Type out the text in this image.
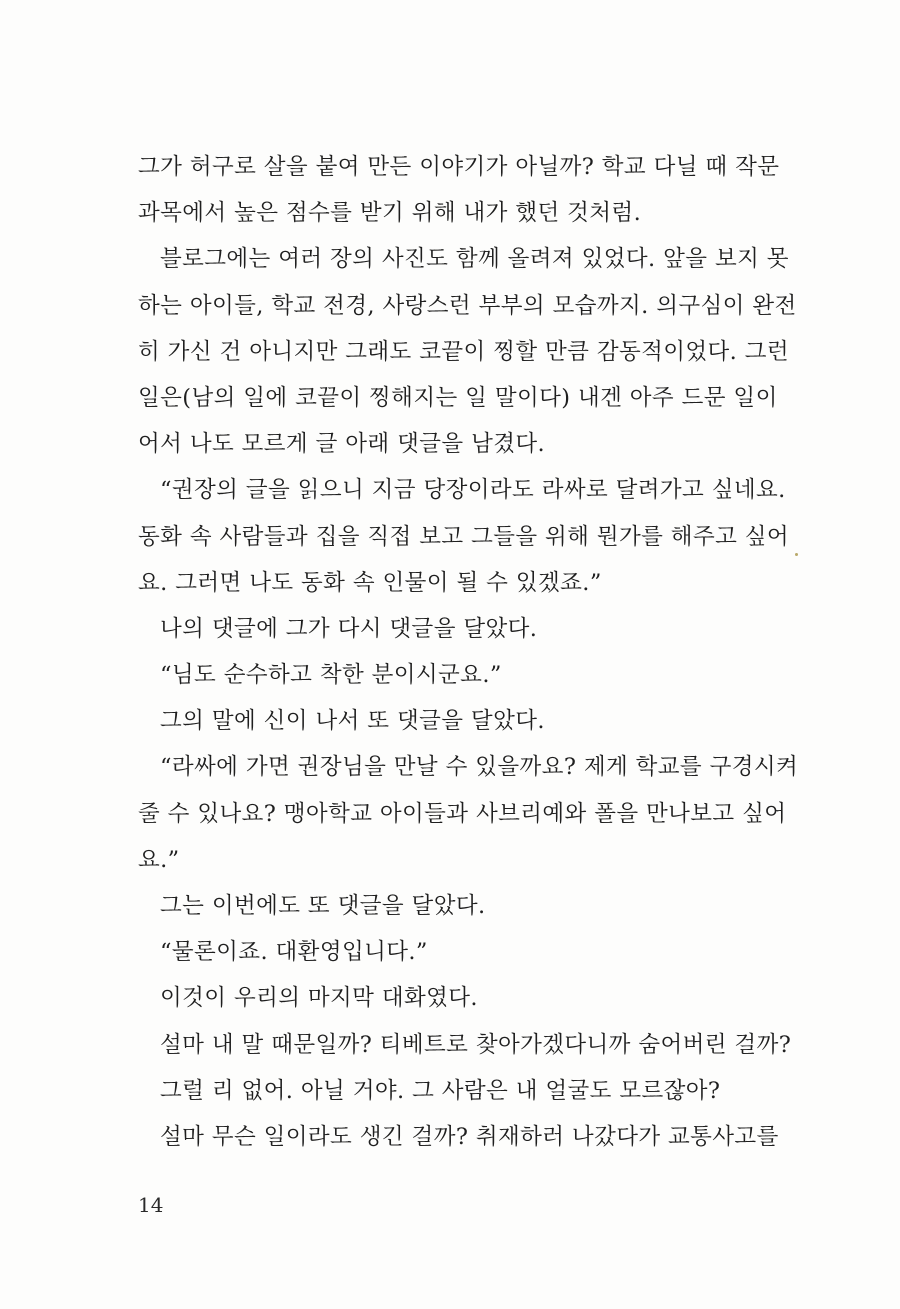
그가 허구로 살을 붙여 만든 이야기가 아닐까? 학교 다닐 때 작문
과목에서 높은 점수를 받기 위해 내가 했던 것처럼.
블로그에는 여러 장의 사진도 함께 올려져 있었다. 앞을 보지 못
하는 아이들, 학교 전경, 사랑스런 부부의 모습까지. 의구심이 완전
히 가신 건 아니지만 그래도 코끝이 찡할 만큼 감동적이었다. 그런
일은(남의 일에 코끝이 찡해지는 일 말이다) 내겐 아주 드문 일이
어서 나도 모르게 글 아래 댓글을 남겼다.
“권장의 글을 읽으니 지금 당장이라도 라싸로 달려가고 싶네요.
동화 속 사람들과 집을 직접 보고 그들을 위해 뭔가를 해주고 싶어
요. 그러면 나도 동화 속 인물이 될 수 있겠죠.”
나의 댓글에 그가 다시 댓글을 달았다.
“님도 순수하고 착한 분이시군요.”
그의 말에 신이 나서 또 댓글을 달았다.
“라싸에 가면 권장님을 만날 수 있을까요? 제게 학교를 구경시켜
줄 수 있나요? 맹아학교 아이들과 사브리예와 폴을 만나보고 싶어
요.”
그는 이번에도 또 댓글을 달았다.
“물론이죠. 대환영입니다.”
이것이 우리의 마지막 대화였다.
설마 내 말 때문일까? 티베트로 찾아가겠다니까 숨어버린 걸까?
그럴 리 없어. 아닐 거야. 그 사람은 내 얼굴도 모르잖아?
설마 무슨 일이라도 생긴 걸까? 취재하러 나갔다가 교통사고를
14
